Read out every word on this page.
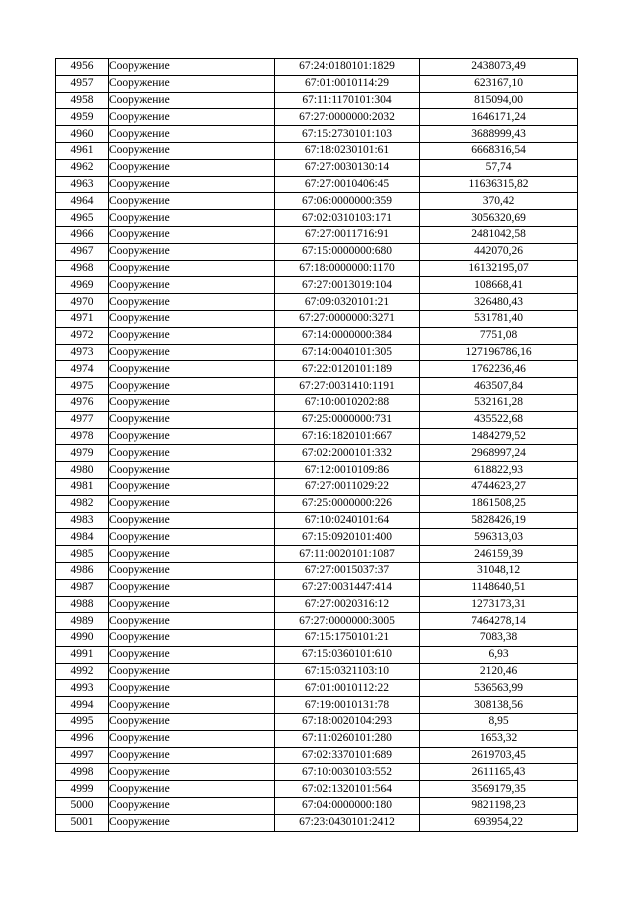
4956	Сооружение	67:24:0180101:1829	2438073,49
4957	Сооружение	67:01:0010114:29	623167,10
4958	Сооружение	67:11:1170101:304	815094,00
4959	Сооружение	67:27:0000000:2032	1646171,24
4960	Сооружение	67:15:2730101:103	3688999,43
4961	Сооружение	67:18:0230101:61	6668316,54
4962	Сооружение	67:27:0030130:14	57,74
4963	Сооружение	67:27:0010406:45	11636315,82
4964	Сооружение	67:06:0000000:359	370,42
4965	Сооружение	67:02:0310103:171	3056320,69
4966	Сооружение	67:27:0011716:91	2481042,58
4967	Сооружение	67:15:0000000:680	442070,26
4968	Сооружение	67:18:0000000:1170	16132195,07
4969	Сооружение	67:27:0013019:104	108668,41
4970	Сооружение	67:09:0320101:21	326480,43
4971	Сооружение	67:27:0000000:3271	531781,40
4972	Сооружение	67:14:0000000:384	7751,08
4973	Сооружение	67:14:0040101:305	127196786,16
4974	Сооружение	67:22:0120101:189	1762236,46
4975	Сооружение	67:27:0031410:1191	463507,84
4976	Сооружение	67:10:0010202:88	532161,28
4977	Сооружение	67:25:0000000:731	435522,68
4978	Сооружение	67:16:1820101:667	1484279,52
4979	Сооружение	67:02:2000101:332	2968997,24
4980	Сооружение	67:12:0010109:86	618822,93
4981	Сооружение	67:27:0011029:22	4744623,27
4982	Сооружение	67:25:0000000:226	1861508,25
4983	Сооружение	67:10:0240101:64	5828426,19
4984	Сооружение	67:15:0920101:400	596313,03
4985	Сооружение	67:11:0020101:1087	246159,39
4986	Сооружение	67:27:0015037:37	31048,12
4987	Сооружение	67:27:0031447:414	1148640,51
4988	Сооружение	67:27:0020316:12	1273173,31
4989	Сооружение	67:27:0000000:3005	7464278,14
4990	Сооружение	67:15:1750101:21	7083,38
4991	Сооружение	67:15:0360101:610	6,93
4992	Сооружение	67:15:0321103:10	2120,46
4993	Сооружение	67:01:0010112:22	536563,99
4994	Сооружение	67:19:0010131:78	308138,56
4995	Сооружение	67:18:0020104:293	8,95
4996	Сооружение	67:11:0260101:280	1653,32
4997	Сооружение	67:02:3370101:689	2619703,45
4998	Сооружение	67:10:0030103:552	2611165,43
4999	Сооружение	67:02:1320101:564	3569179,35
5000	Сооружение	67:04:0000000:180	9821198,23
5001	Сооружение	67:23:0430101:2412	693954,22
